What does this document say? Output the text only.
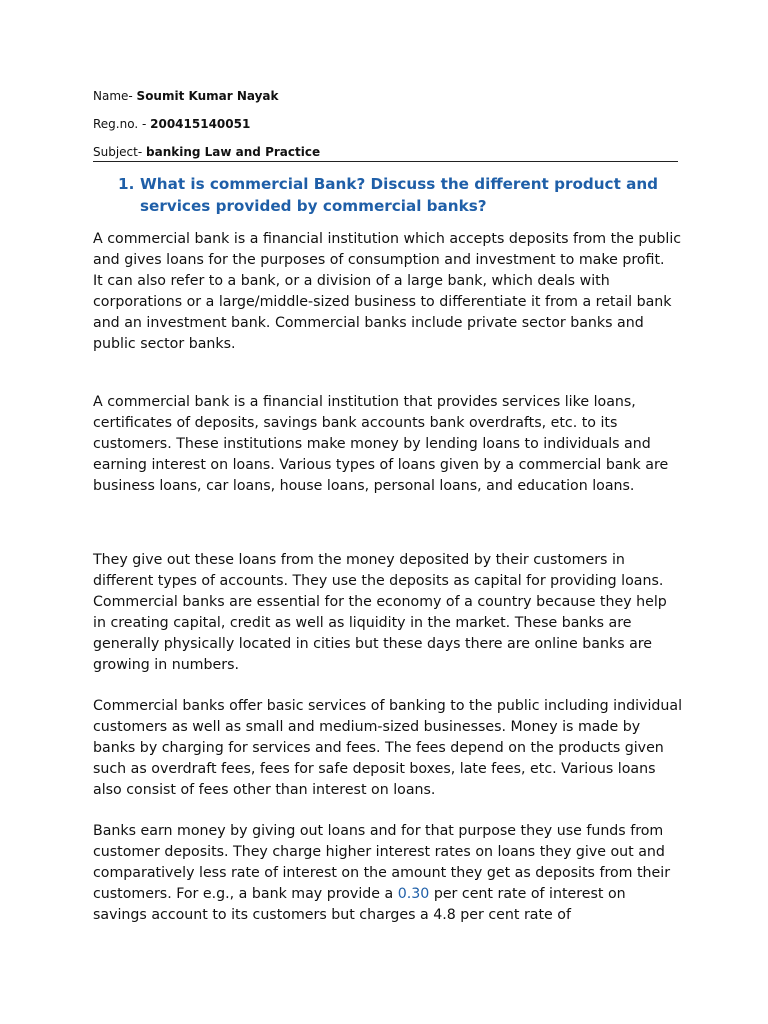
Name- Soumit Kumar Nayak
Reg.no. - 200415140051
Subject- banking Law and Practice
1. What is commercial Bank? Discuss the different product and services provided by commercial banks?

A commercial bank is a financial institution which accepts deposits from the public and gives loans for the purposes of consumption and investment to make profit.

It can also refer to a bank, or a division of a large bank, which deals with corporations or a large/middle-sized business to differentiate it from a retail bank and an investment bank. Commercial banks include private sector banks and public sector banks.

A commercial bank is a financial institution that provides services like loans, certificates of deposits, savings bank accounts bank overdrafts, etc. to its customers. These institutions make money by lending loans to individuals and earning interest on loans. Various types of loans given by a commercial bank are business loans, car loans, house loans, personal loans, and education loans.

They give out these loans from the money deposited by their customers in different types of accounts. They use the deposits as capital for providing loans. Commercial banks are essential for the economy of a country because they help in creating capital, credit as well as liquidity in the market. These banks are generally physically located in cities but these days there are online banks are growing in numbers.

Commercial banks offer basic services of banking to the public including individual customers as well as small and medium-sized businesses. Money is made by banks by charging for services and fees. The fees depend on the products given such as overdraft fees, fees for safe deposit boxes, late fees, etc. Various loans also consist of fees other than interest on loans.

Banks earn money by giving out loans and for that purpose they use funds from customer deposits. They charge higher interest rates on loans they give out and comparatively less rate of interest on the amount they get as deposits from their customers. For e.g., a bank may provide a 0.30 per cent rate of interest on savings account to its customers but charges a 4.8 per cent rate of
